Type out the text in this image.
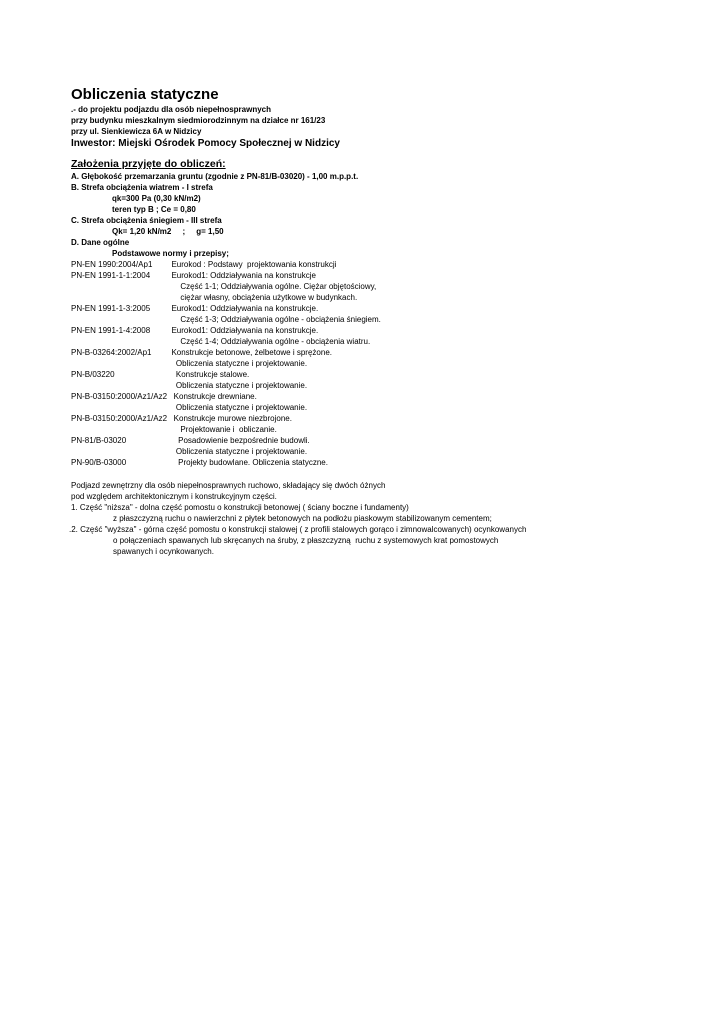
Obliczenia statyczne
.- do projektu podjazdu dla osób niepełnosprawnych
przy budynku mieszkalnym siedmiorodzinnym na działce nr 161/23
przy ul. Sienkiewicza 6A w Nidzicy
Inwestor: Miejski Ośrodek Pomocy Społecznej w Nidzicy
Założenia przyjęte do obliczeń:
A. Głębokość przemarzania gruntu (zgodnie z PN-81/B-03020) - 1,00 m.p.p.t.
B. Strefa obciążenia wiatrem - I strefa
qk=300 Pa (0,30 kN/m2)
teren typ B ; Ce = 0,80
C. Strefa obciążenia śniegiem - III strefa
Qk= 1,20 kN/m2     ;     g= 1,50
D. Dane ogólne
Podstawowe normy i przepisy;
PN-EN 1990:2004/Ap1	Eurokod : Podstawy  projektowania konstrukcji
PN-EN 1991-1-1:2004	Eurokod1: Oddziaływania na konstrukcje
Część 1-1; Oddziaływania ogólne. Ciężar objętościowy,
ciężar własny, obciążenia użytkowe w budynkach.
PN-EN 1991-1-3:2005	Eurokod1: Oddziaływania na konstrukcje.
Część 1-3; Oddziaływania ogólne - obciążenia śniegiem.
PN-EN 1991-1-4:2008	Eurokod1: Oddziaływania na konstrukcje.
Część 1-4; Oddziaływania ogólne - obciążenia wiatru.
PN-B-03264:2002/Ap1	Konstrukcje betonowe, żelbetowe i sprężone.
Obliczenia statyczne i projektowanie.
PN-B/03220	Konstrukcje stalowe.
Obliczenia statyczne i projektowanie.
PN-B-03150:2000/Az1/Az2 Konstrukcje drewniane.
Obliczenia statyczne i projektowanie.
PN-B-03150:2000/Az1/Az2 Konstrukcje murowe niezbrojone.
Projektowanie i  obliczanie.
PN-81/B-03020	Posadowienie bezpośrednie budowli.
Obliczenia statyczne i projektowanie.
PN-90/B-03000	Projekty budowlane. Obliczenia statyczne.
Podjazd zewnętrzny dla osób niepełnosprawnych ruchowo, składający się dwóch óżnych
pod względem architektonicznym i konstrukcyjnym części.
1. Część "niższa" - dolna część pomostu o konstrukcji betonowej ( ściany boczne i fundamenty)
z płaszczyzną ruchu o nawierzchni z płytek betonowych na podłożu piaskowym stabilizowanym cementem;
.2. Część "wyższa" - górna część pomostu o konstrukcji stalowej ( z profili stalowych gorąco i zimnowalcowanych) ocynkowanych
o połączeniach spawanych lub skręcanych na śruby, z płaszczyzną  ruchu z systemowych krat pomostowych
spawanych i ocynkowanych.
